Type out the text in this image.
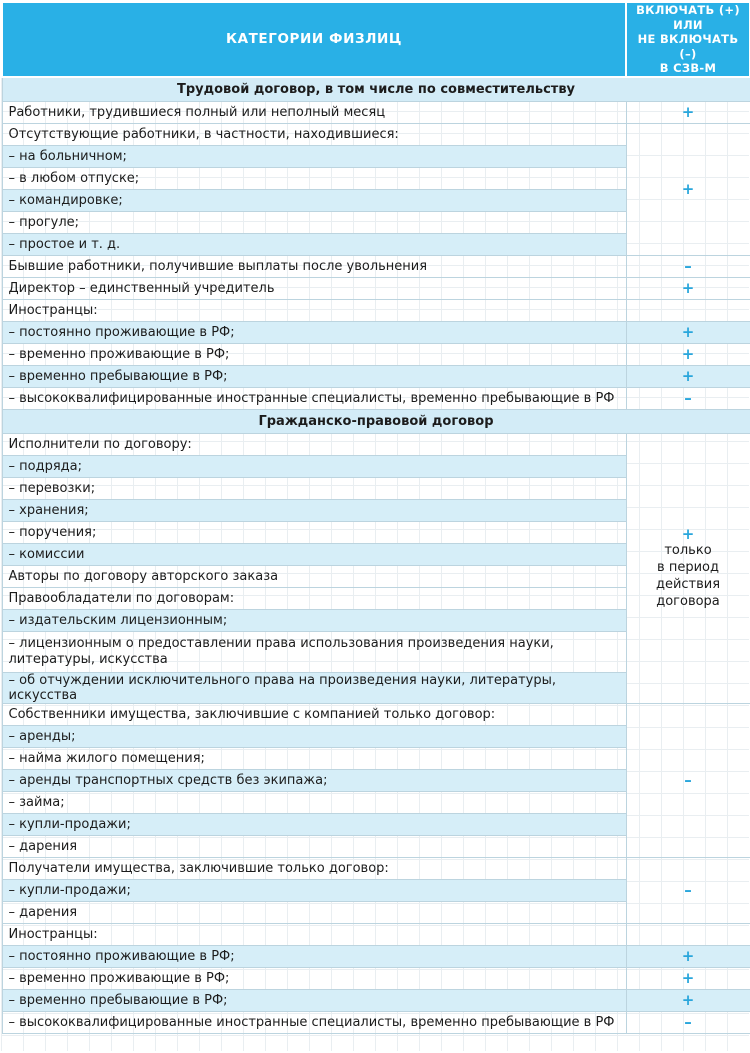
КАТЕГОРИИ ФИЗЛИЦ	ВКЛЮЧАТЬ (+)
ИЛИ
НЕ ВКЛЮЧАТЬ (–)
В СЗВ-М

Трудовой договор, в том числе по совместительству	
Работники, трудившиеся полный или неполный месяц	+
Отсутствующие работники, в частности, находившиеся:	+
– на больничном;	
– в любом отпуске;	
– командировке;	
– прогуле;	
– простое и т. д.	
Бывшие работники, получившие выплаты после увольнения	–
Директор – единственный учредитель	+
Иностранцы:	
– постоянно проживающие в РФ;	+
– временно проживающие в РФ;	+
– временно пребывающие в РФ;	+
– высококвалифицированные иностранные специалисты, временно пребывающие в РФ	–
Гражданско-правовой договор	
Исполнители по договору:	+
только
в период
действия
договора

– подряда;	
– перевозки;	
– хранения;	
– поручения;	
– комиссии	
Авторы по договору авторского заказа	
Правообладатели по договорам:	
– издательским лицензионным;	
– лицензионным о предоставлении права использования произведения науки, литературы, искусства	
– об отчуждении исключительного права на произведения науки, литературы, искусства	
Собственники имущества, заключившие с компанией только договор:	–
– аренды;	
– найма жилого помещения;	
– аренды транспортных средств без экипажа;	
– займа;	
– купли-продажи;	
– дарения	
Получатели имущества, заключившие только договор:	–
– купли-продажи;	
– дарения	
Иностранцы:	
– постоянно проживающие в РФ;	+
– временно проживающие в РФ;	+
– временно пребывающие в РФ;	+
– высококвалифицированные иностранные специалисты, временно пребывающие в РФ	–
